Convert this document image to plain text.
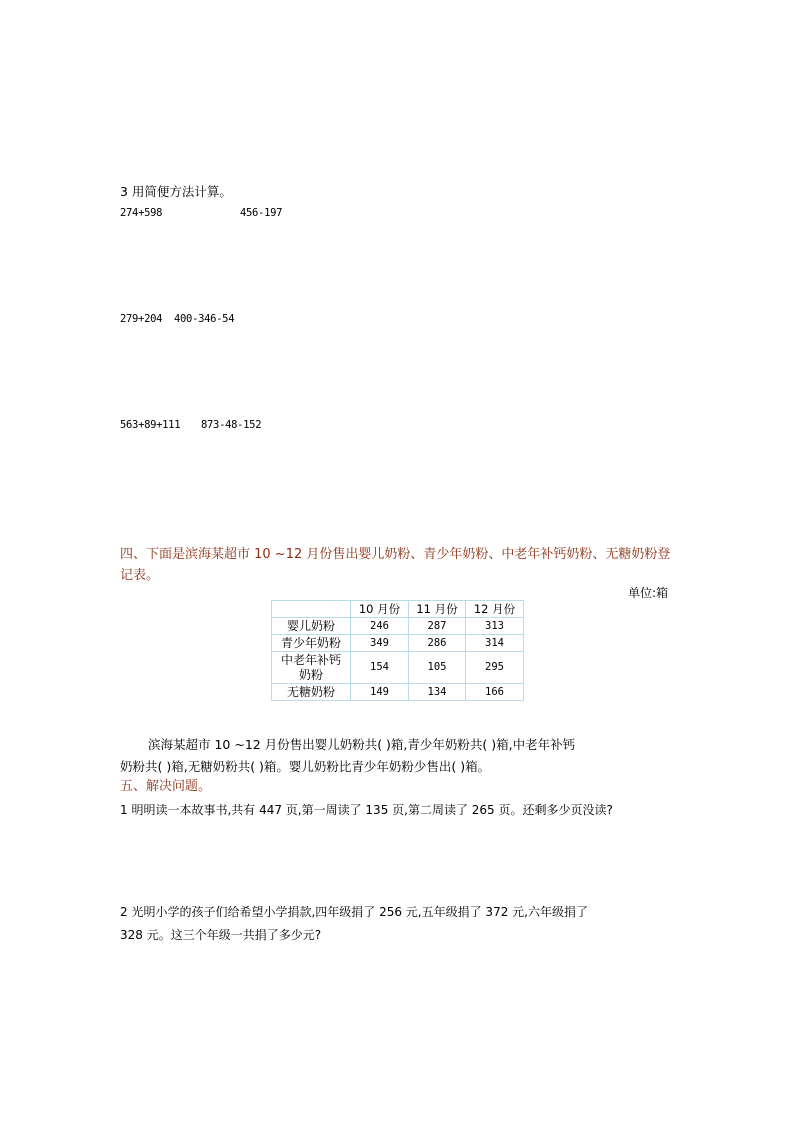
3 用简便方法计算。
274+598	456-197
279+204 400-346-54
563+89+111 873-48-152
四、下面是滨海某超市 10 ~12 月份售出婴儿奶粉、青少年奶粉、中老年补钙奶粉、无糖奶粉登
记表。
单位:箱
	10 月份	11 月份	12 月份
婴儿奶粉	246	287	313
青少年奶粉	349	286	314

中老年补钙
奶粉	154	105	295
无糖奶粉	149	134	166
滨海某超市 10 ~12 月份售出婴儿奶粉共( )箱,青少年奶粉共( )箱,中老年补钙
奶粉共( )箱,无糖奶粉共( )箱。婴儿奶粉比青少年奶粉少售出( )箱。
五、解决问题。
1 明明读一本故事书,共有 447 页,第一周读了 135 页,第二周读了 265 页。还剩多少页没读?
2 光明小学的孩子们给希望小学捐款,四年级捐了 256 元,五年级捐了 372 元,六年级捐了
328 元。这三个年级一共捐了多少元?
